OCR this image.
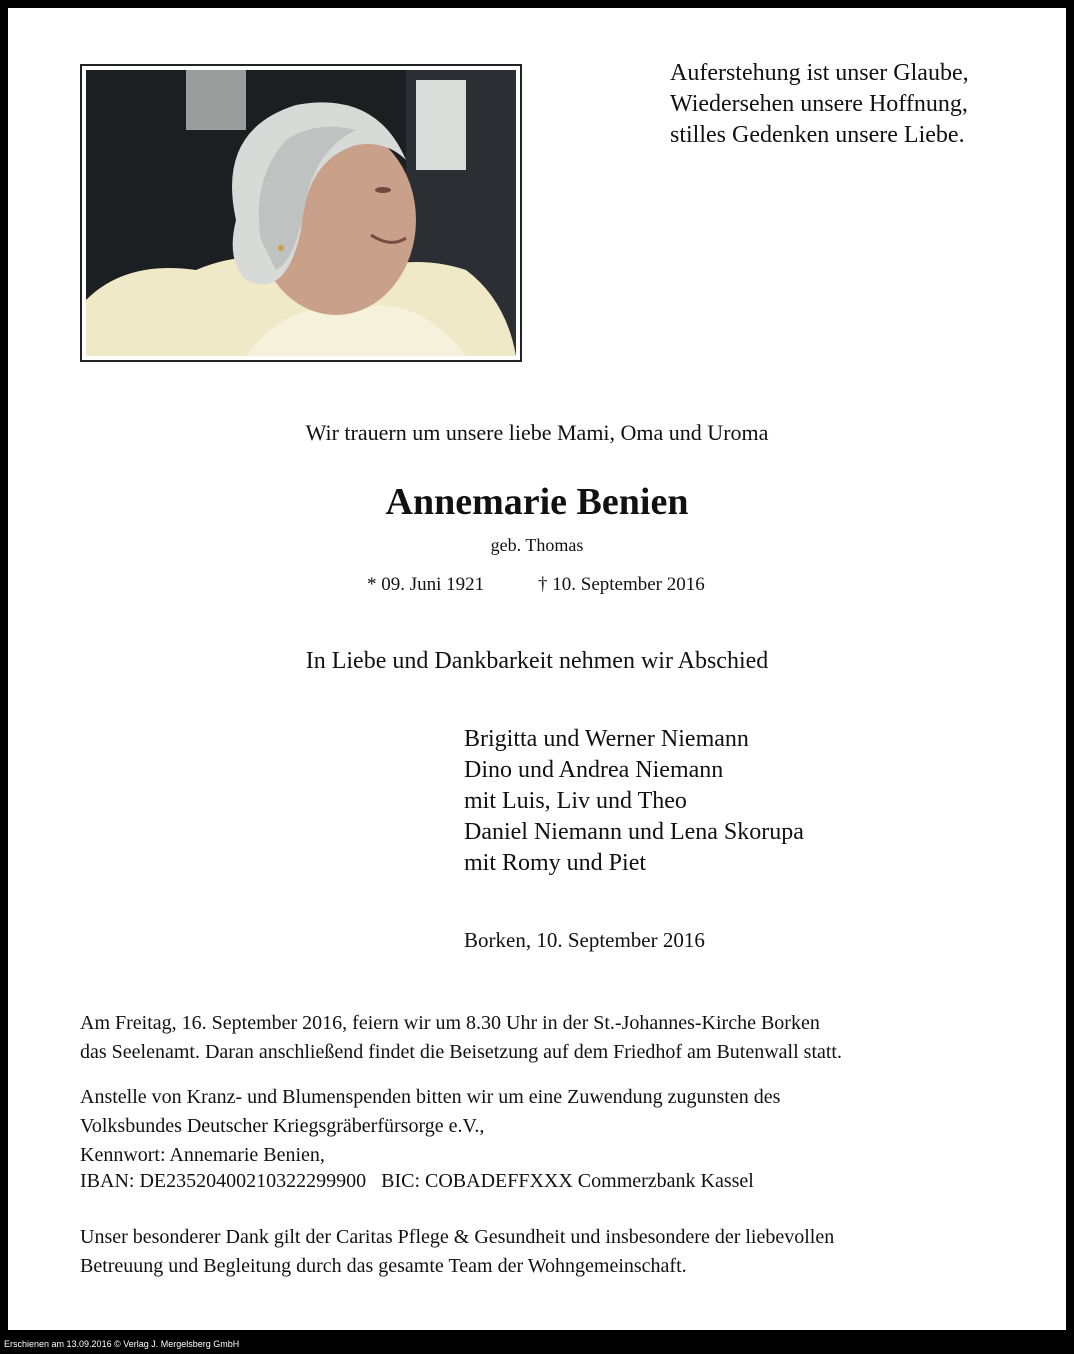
Auferstehung ist unser Glaube,
Wiedersehen unsere Hoffnung,
stilles Gedenken unsere Liebe.
Wir trauern um unsere liebe Mami, Oma und Uroma
Annemarie Benien
geb. Thomas
* 09. Juni 1921	† 10. September 2016
In Liebe und Dankbarkeit nehmen wir Abschied
Brigitta und Werner Niemann
Dino und Andrea Niemann
mit Luis, Liv und Theo
Daniel Niemann und Lena Skorupa
mit Romy und Piet
Borken, 10. September 2016
Am Freitag, 16. September 2016, feiern wir um 8.30 Uhr in der St.-Johannes-Kirche Borken
das Seelenamt. Daran anschließend findet die Beisetzung auf dem Friedhof am Butenwall statt.
Anstelle von Kranz- und Blumenspenden bitten wir um eine Zuwendung zugunsten des
Volksbundes Deutscher Kriegsgräberfürsorge e.V.,
Kennwort: Annemarie Benien,
IBAN: DE23520400210322299900   BIC: COBADEFFXXX Commerzbank Kassel
Unser besonderer Dank gilt der Caritas Pflege & Gesundheit und insbesondere der liebevollen
Betreuung und Begleitung durch das gesamte Team der Wohngemeinschaft.
Erschienen am 13.09.2016 © Verlag J. Mergelsberg GmbH
